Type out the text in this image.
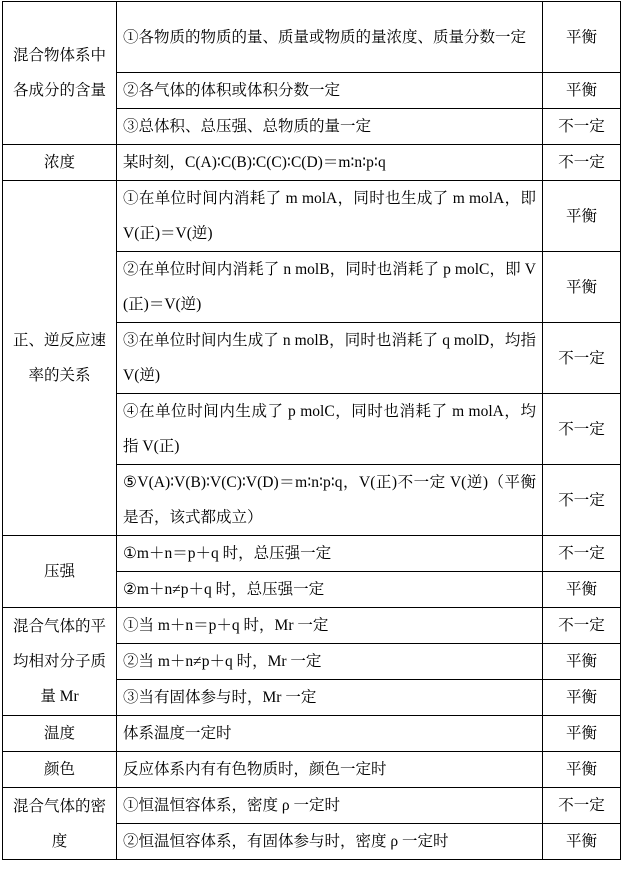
混合物体系中各成分的含量	①各物质的物质的量、质量或物质的量浓度、质量分数一定	平衡
	②各气体的体积或体积分数一定	平衡
	③总体积、总压强、总物质的量一定	不一定
浓度	某时刻，C(A)∶C(B)∶C(C)∶C(D)＝m∶n∶p∶q	不一定
正、逆反应速率的关系	①在单位时间内消耗了 m molA，同时也生成了 m molA，即 V(正)＝V(逆)	平衡
	②在单位时间内消耗了 n molB，同时也消耗了 p molC，即 V(正)＝V(逆)	平衡
	③在单位时间内生成了 n molB，同时也消耗了 q molD，均指 V(逆)	不一定
	④在单位时间内生成了 p molC，同时也消耗了 m molA，均指 V(正)	不一定
	⑤V(A)∶V(B)∶V(C)∶V(D)＝m∶n∶p∶q，V(正)不一定 V(逆)（平衡是否，该式都成立）	不一定
压强	①m＋n＝p＋q 时，总压强一定	不一定
	②m＋n≠p＋q 时，总压强一定	平衡
混合气体的平均相对分子质量 Mr	①当 m＋n＝p＋q 时，Mr 一定	不一定
	②当 m＋n≠p＋q 时，Mr 一定	平衡
	③当有固体参与时，Mr 一定	平衡
温度	体系温度一定时	平衡
颜色	反应体系内有有色物质时，颜色一定时	平衡
混合气体的密度	①恒温恒容体系，密度 ρ 一定时	不一定
	②恒温恒容体系，有固体参与时，密度 ρ 一定时	平衡
